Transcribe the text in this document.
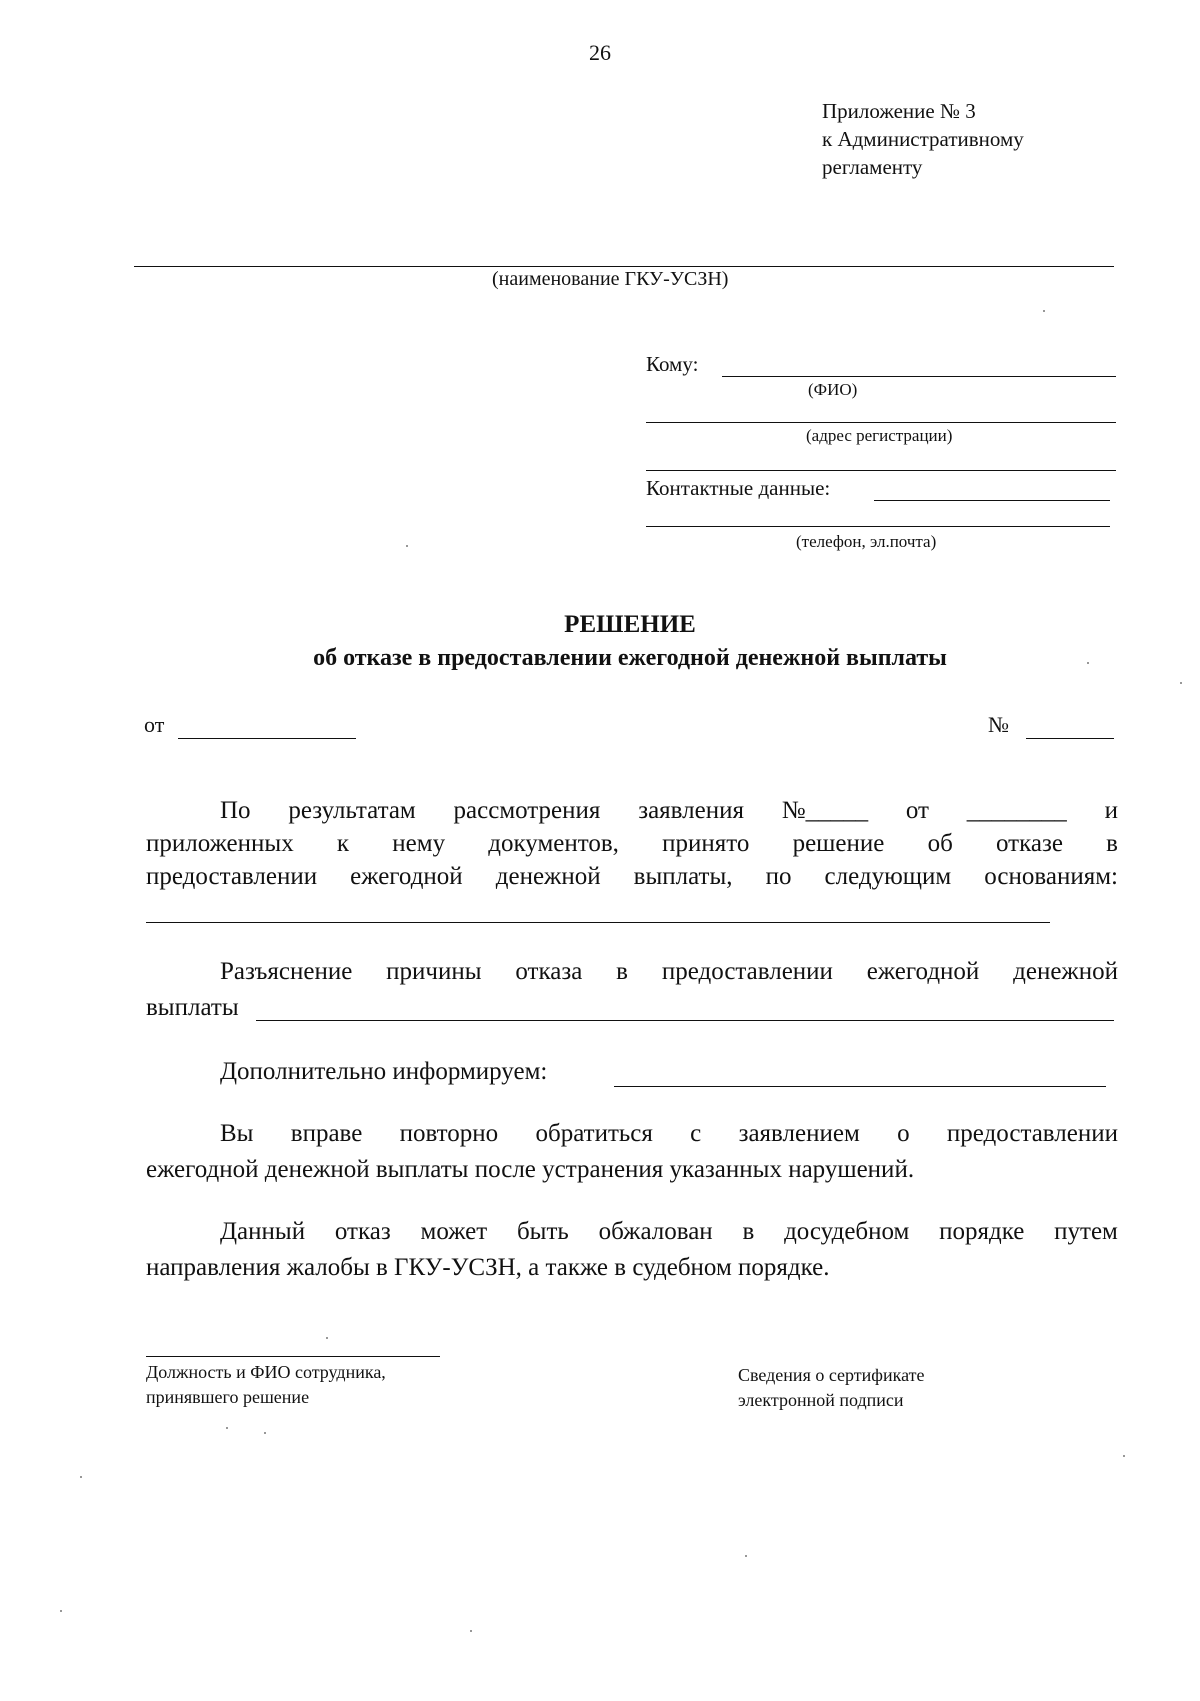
26
Приложение № 3
к Административному
регламенту
(наименование ГКУ-УСЗН)
Кому:
(ФИО)
(адрес регистрации)
Контактные данные:
(телефон, эл.почта)
РЕШЕНИЕ
об отказе в предоставлении ежегодной денежной выплаты
от	№
По результатам рассмотрения заявления №_____ от ________ и
приложенных к нему документов, принято решение об отказе в
предоставлении ежегодной денежной выплаты, по следующим основаниям:
Разъяснение причины отказа в предоставлении ежегодной денежной
выплаты
Дополнительно информируем:
Вы вправе повторно обратиться с заявлением о предоставлении
ежегодной денежной выплаты после устранения указанных нарушений.
Данный отказ может быть обжалован в досудебном порядке путем
направления жалобы в ГКУ-УСЗН, а также в судебном порядке.
Должность и ФИО сотрудника,
принявшего решение
Сведения о сертификате
электронной подписи
